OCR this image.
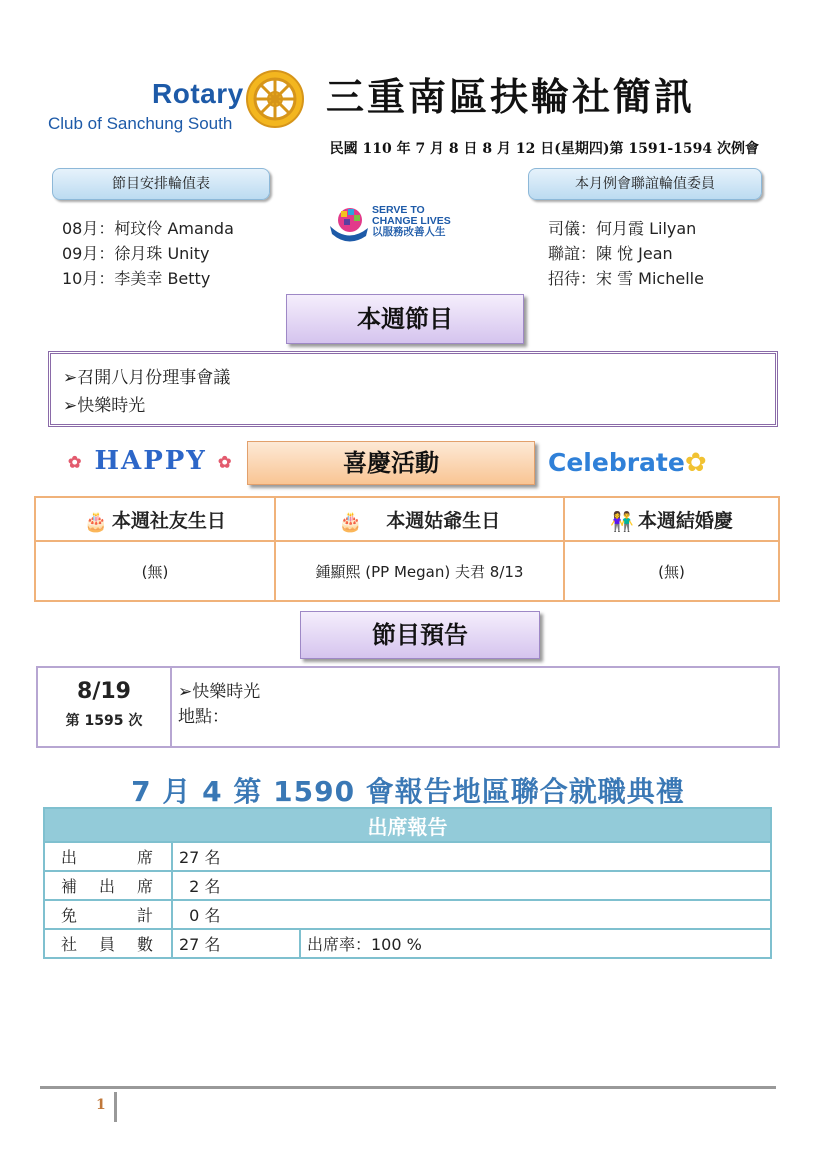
Rotary
Club of Sanchung South
三重南區扶輪社簡訊
民國 110 年 7 月 8 日 8 月 12 日(星期四)第 1591-1594 次例會
節目安排輪值表	本月例會聯誼輪值委員
08月：柯玟伶 Amanda
09月：徐月珠 Unity
10月：李美幸 Betty
司儀：何月霞 Lilyan
聯誼：陳 悅 Jean
招待：宋 雪 Michelle
SERVE TO
CHANGE LIVES
以服務改善人生
本週節目
➢召開八月份理事會議
➢快樂時光
✿ HAPPY ✿	喜慶活動	Celebrate✿
🎂 本週社友生日	🎂 本週姑爺生日	👫 本週結婚慶
(無)	鍾顯熙 (PP Megan) 夫君 8/13	(無)
節目預告
8/19
第 1595 次

➢快樂時光
地點：
7 月 4 第 1590 會報告地區聯合就職典禮
出席報告		
出席	27 名	
補出席	2 名	
免計	0 名	
社員數	27 名	出席率：100 %
1
